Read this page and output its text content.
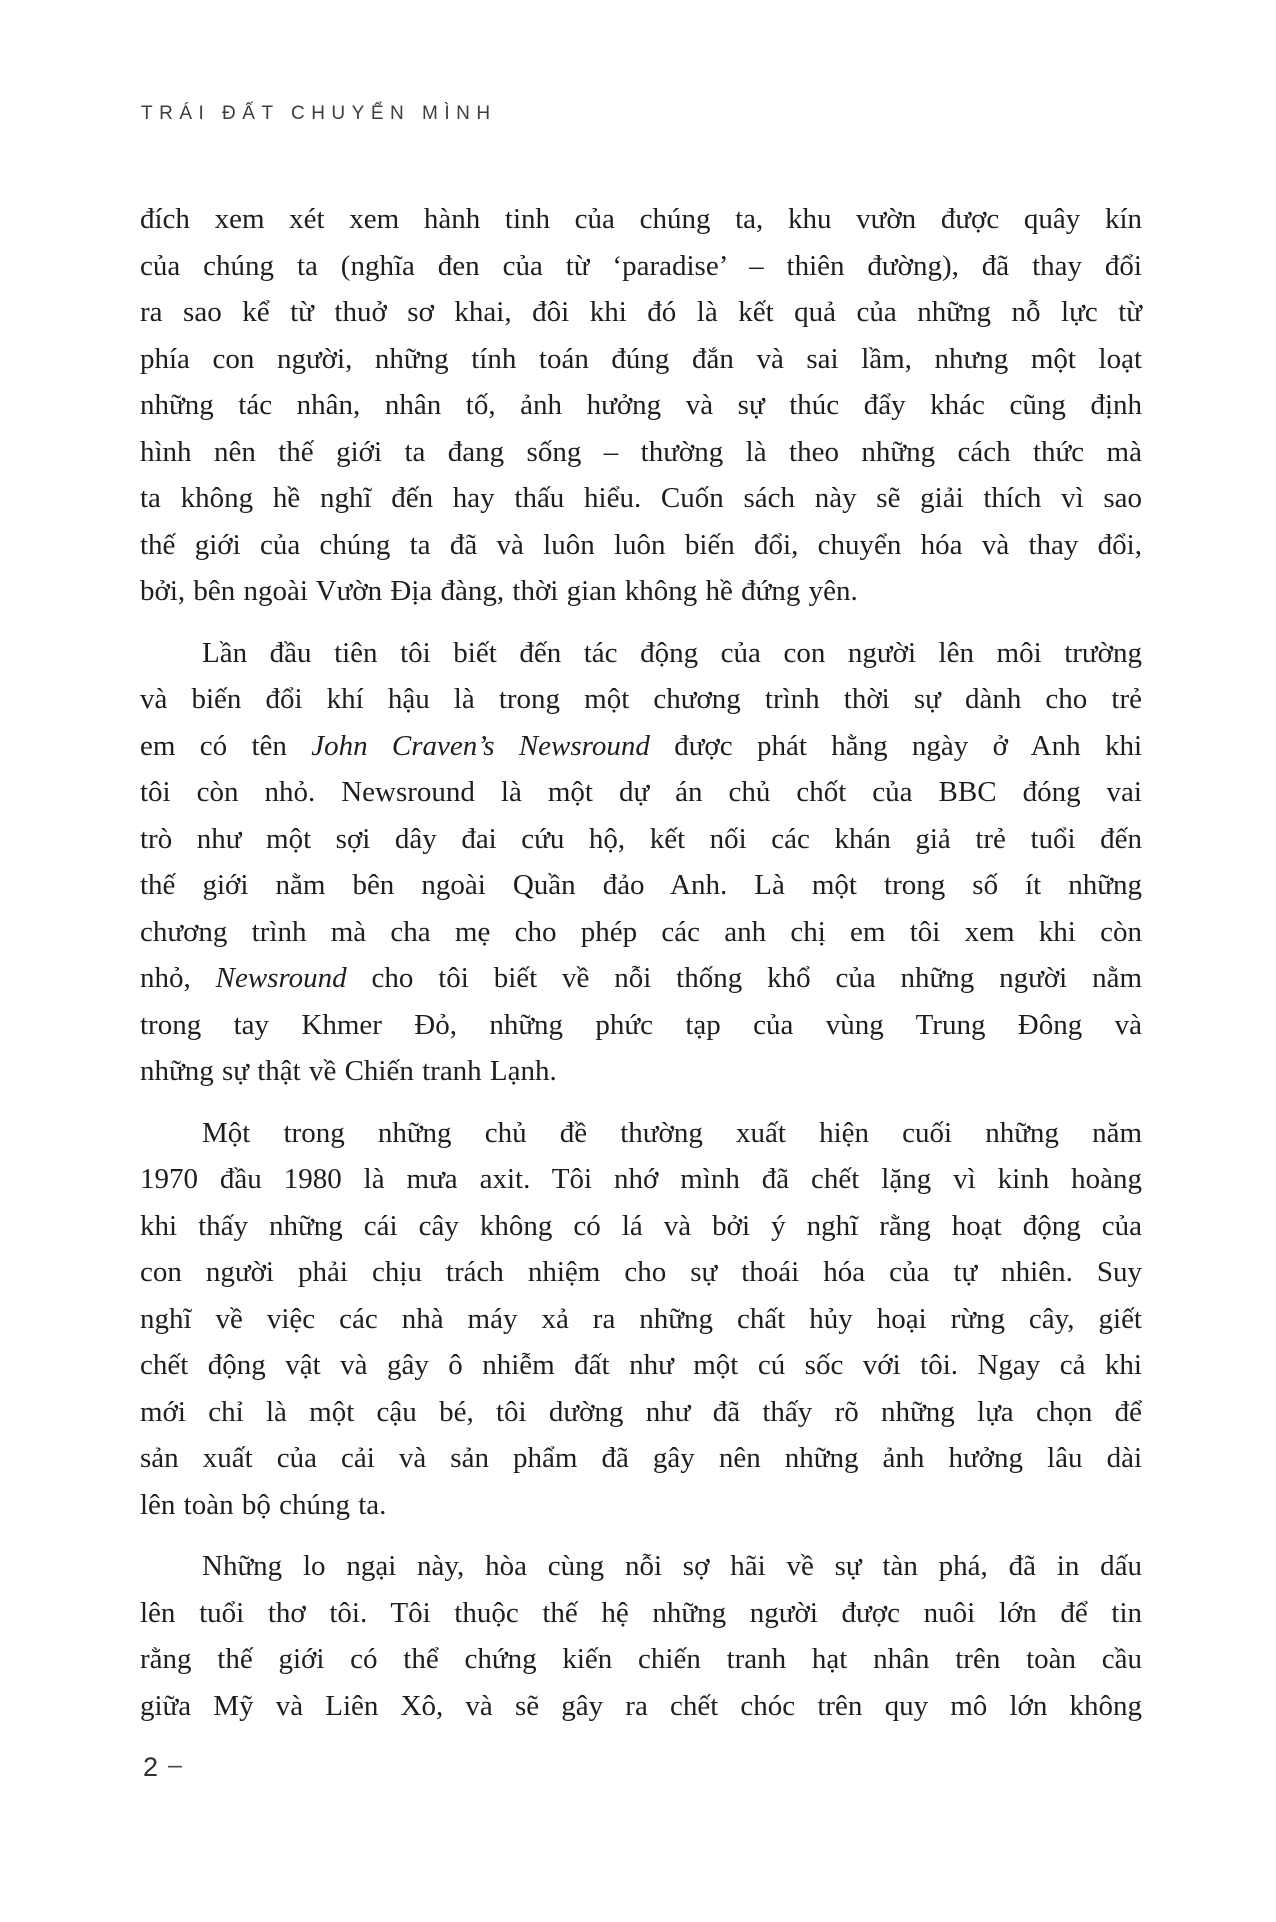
TRÁI ĐẤT CHUYỂN MÌNH
đích xem xét xem hành tinh của chúng ta, khu vườn được quây kín
của chúng ta (nghĩa đen của từ ‘paradise’ – thiên đường), đã thay đổi
ra sao kể từ thuở sơ khai, đôi khi đó là kết quả của những nỗ lực từ
phía con người, những tính toán đúng đắn và sai lầm, nhưng một loạt
những tác nhân, nhân tố, ảnh hưởng và sự thúc đẩy khác cũng định
hình nên thế giới ta đang sống – thường là theo những cách thức mà
ta không hề nghĩ đến hay thấu hiểu. Cuốn sách này sẽ giải thích vì sao
thế giới của chúng ta đã và luôn luôn biến đổi, chuyển hóa và thay đổi,
bởi, bên ngoài Vườn Địa đàng, thời gian không hề đứng yên.
Lần đầu tiên tôi biết đến tác động của con người lên môi trường
và biến đổi khí hậu là trong một chương trình thời sự dành cho trẻ
em có tên John Craven’s Newsround được phát hằng ngày ở Anh khi
tôi còn nhỏ. Newsround là một dự án chủ chốt của BBC đóng vai
trò như một sợi dây đai cứu hộ, kết nối các khán giả trẻ tuổi đến
thế giới nằm bên ngoài Quần đảo Anh. Là một trong số ít những
chương trình mà cha mẹ cho phép các anh chị em tôi xem khi còn
nhỏ, Newsround cho tôi biết về nỗi thống khổ của những người nằm
trong tay Khmer Đỏ, những phức tạp của vùng Trung Đông và
những sự thật về Chiến tranh Lạnh.
Một trong những chủ đề thường xuất hiện cuối những năm
1970 đầu 1980 là mưa axit. Tôi nhớ mình đã chết lặng vì kinh hoàng
khi thấy những cái cây không có lá và bởi ý nghĩ rằng hoạt động của
con người phải chịu trách nhiệm cho sự thoái hóa của tự nhiên. Suy
nghĩ về việc các nhà máy xả ra những chất hủy hoại rừng cây, giết
chết động vật và gây ô nhiễm đất như một cú sốc với tôi. Ngay cả khi
mới chỉ là một cậu bé, tôi dường như đã thấy rõ những lựa chọn để
sản xuất của cải và sản phẩm đã gây nên những ảnh hưởng lâu dài
lên toàn bộ chúng ta.
Những lo ngại này, hòa cùng nỗi sợ hãi về sự tàn phá, đã in dấu
lên tuổi thơ tôi. Tôi thuộc thế hệ những người được nuôi lớn để tin
rằng thế giới có thể chứng kiến chiến tranh hạt nhân trên toàn cầu
giữa Mỹ và Liên Xô, và sẽ gây ra chết chóc trên quy mô lớn không
2 –
